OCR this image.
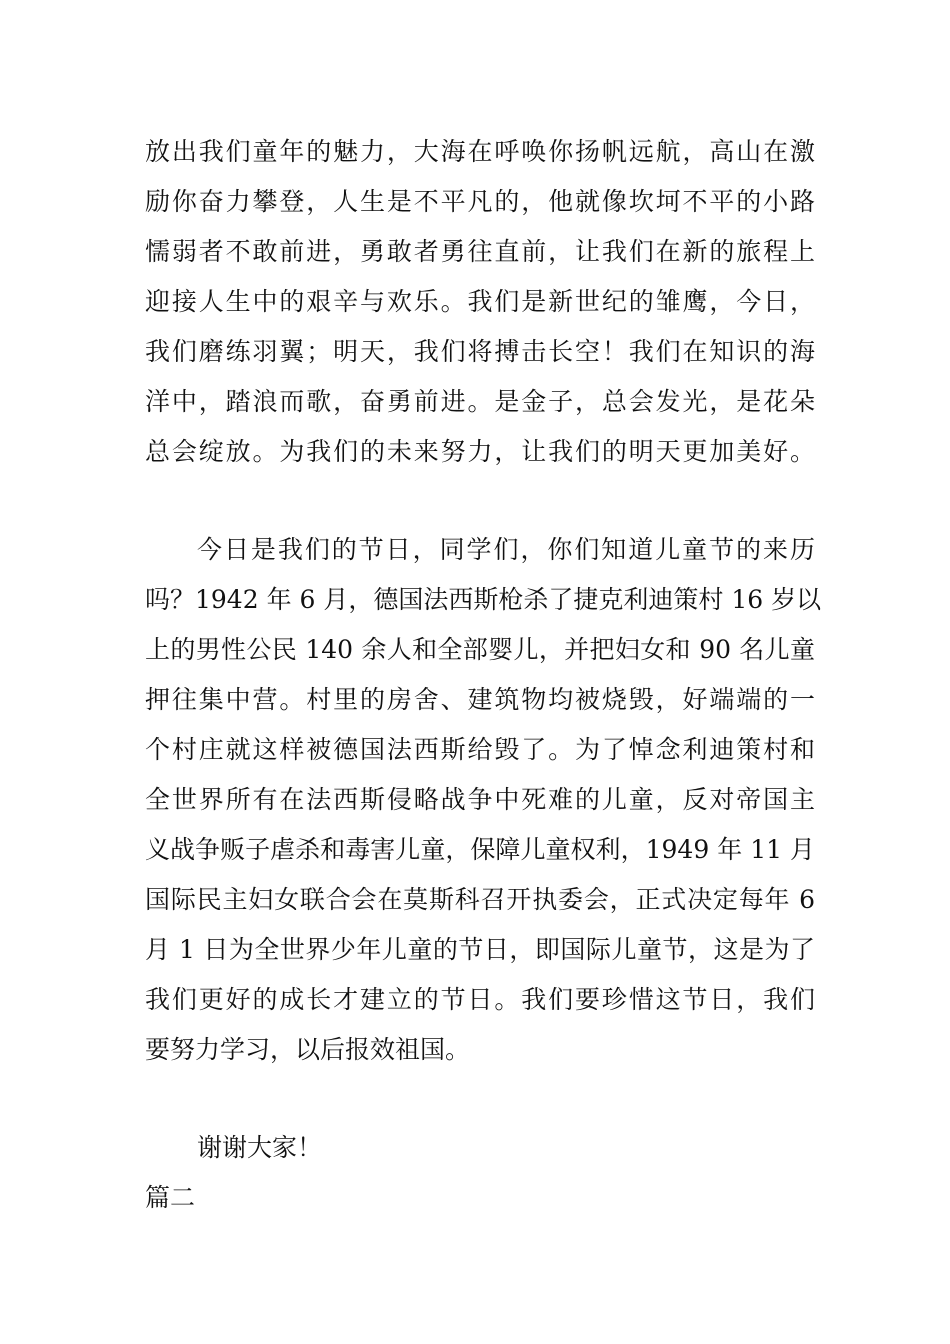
放出我们童年的魅力，大海在呼唤你扬帆远航，高山在激
励你奋力攀登，人生是不平凡的，他就像坎坷不平的小路
懦弱者不敢前进，勇敢者勇往直前，让我们在新的旅程上
迎接人生中的艰辛与欢乐。我们是新世纪的雏鹰，今日，
我们磨练羽翼；明天，我们将搏击长空！我们在知识的海
洋中，踏浪而歌，奋勇前进。是金子，总会发光，是花朵
总会绽放。为我们的未来努力，让我们的明天更加美好。
今日是我们的节日，同学们，你们知道儿童节的来历
吗？1942 年 6 月，德国法西斯枪杀了捷克利迪策村 16 岁以
上的男性公民 140 余人和全部婴儿，并把妇女和 90 名儿童
押往集中营。村里的房舍、建筑物均被烧毁，好端端的一
个村庄就这样被德国法西斯给毁了。为了悼念利迪策村和
全世界所有在法西斯侵略战争中死难的儿童，反对帝国主
义战争贩子虐杀和毒害儿童，保障儿童权利，1949 年 11 月
国际民主妇女联合会在莫斯科召开执委会，正式决定每年 6
月 1 日为全世界少年儿童的节日，即国际儿童节，这是为了
我们更好的成长才建立的节日。我们要珍惜这节日，我们
要努力学习，以后报效祖国。
谢谢大家！
篇二
